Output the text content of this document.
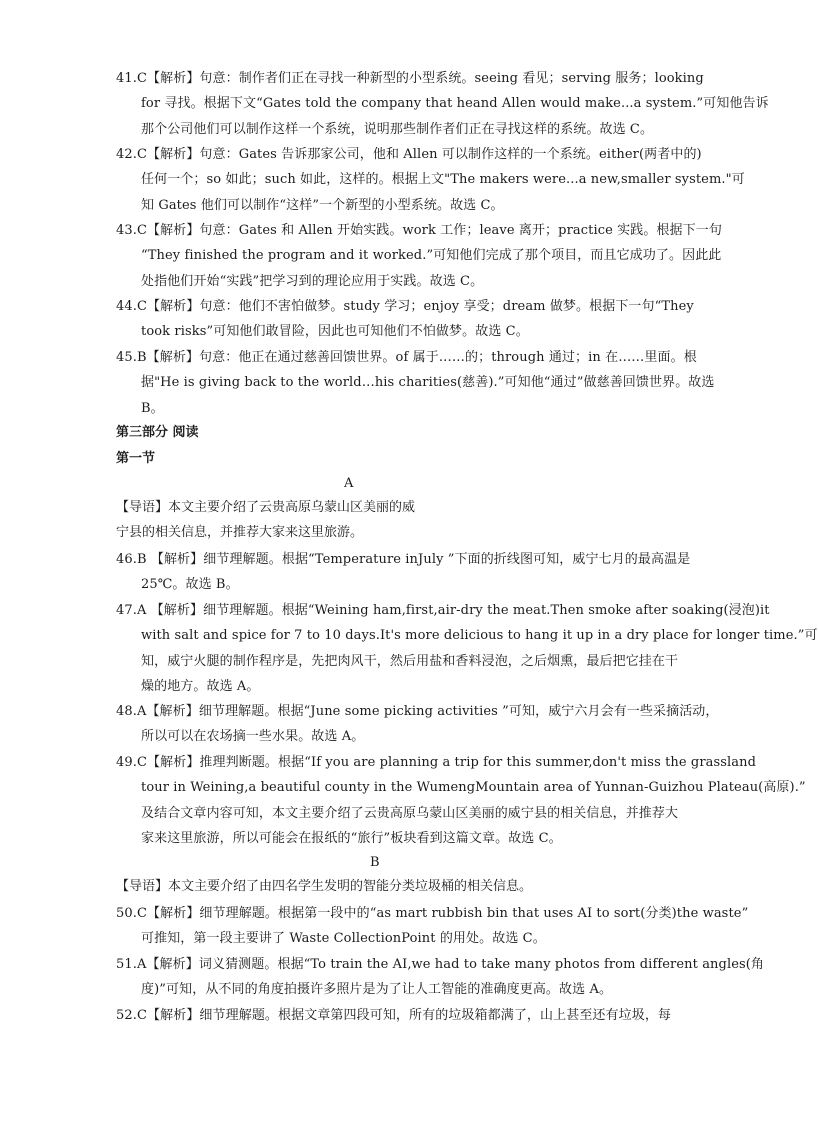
41.C【解析】句意：制作者们正在寻找一种新型的小型系统。seeing 看见；serving 服务；looking
for 寻找。根据下文“Gates told the company that heand Allen would make...a system.”可知他告诉
那个公司他们可以制作这样一个系统，说明那些制作者们正在寻找这样的系统。故选 C。
42.C【解析】句意：Gates 告诉那家公司，他和 Allen 可以制作这样的一个系统。either(两者中的)
任何一个；so 如此；such 如此，这样的。根据上文"The makers were...a new,smaller system."可
知 Gates 他们可以制作“这样”一个新型的小型系统。故选 C。
43.C【解析】句意：Gates 和 Allen 开始实践。work 工作；leave 离开；practice 实践。根据下一句
“They finished the program and it worked.”可知他们完成了那个项目，而且它成功了。因此此
处指他们开始“实践”把学习到的理论应用于实践。故选 C。
44.C【解析】句意：他们不害怕做梦。study 学习；enjoy 享受；dream 做梦。根据下一句“They
took risks”可知他们敢冒险，因此也可知他们不怕做梦。故选 C。
45.B【解析】句意：他正在通过慈善回馈世界。of 属于……的；through 通过；in 在……里面。根
据"He is giving back to the world…his charities(慈善).”可知他“通过”做慈善回馈世界。故选
B。
第三部分 阅读
第一节
A
【导语】本文主要介绍了云贵高原乌蒙山区美丽的威
宁县的相关信息，并推荐大家来这里旅游。
46.B 【解析】细节理解题。根据“Temperature inJuly ”下面的折线图可知，威宁七月的最高温是
25℃。故选 B。
47.A 【解析】细节理解题。根据“Weining ham,first,air-dry the meat.Then smoke after soaking(浸泡)it
with salt and spice for 7 to 10 days.It's more delicious to hang it up in a dry place for longer time.”可
知，威宁火腿的制作程序是，先把肉风干，然后用盐和香料浸泡，之后烟熏，最后把它挂在干
燥的地方。故选 A。
48.A【解析】细节理解题。根据“June some picking activities ”可知，威宁六月会有一些采摘活动，
所以可以在农场摘一些水果。故选 A。
49.C【解析】推理判断题。根据“If you are planning a trip for this summer,don't miss the grassland
tour in Weining,a beautiful county in the WumengMountain area of Yunnan-Guizhou Plateau(高原).”
及结合文章内容可知，本文主要介绍了云贵高原乌蒙山区美丽的威宁县的相关信息，并推荐大
家来这里旅游，所以可能会在报纸的“旅行”板块看到这篇文章。故选 C。
B
【导语】本文主要介绍了由四名学生发明的智能分类垃圾桶的相关信息。
50.C【解析】细节理解题。根据第一段中的“as mart rubbish bin that uses AI to sort(分类)the waste”
可推知，第一段主要讲了 Waste CollectionPoint 的用处。故选 C。
51.A【解析】词义猜测题。根据“To train the AI,we had to take many photos from different angles(角
度)”可知，从不同的角度拍摄许多照片是为了让人工智能的准确度更高。故选 A。
52.C【解析】细节理解题。根据文章第四段可知，所有的垃圾箱都满了，山上甚至还有垃圾，每
